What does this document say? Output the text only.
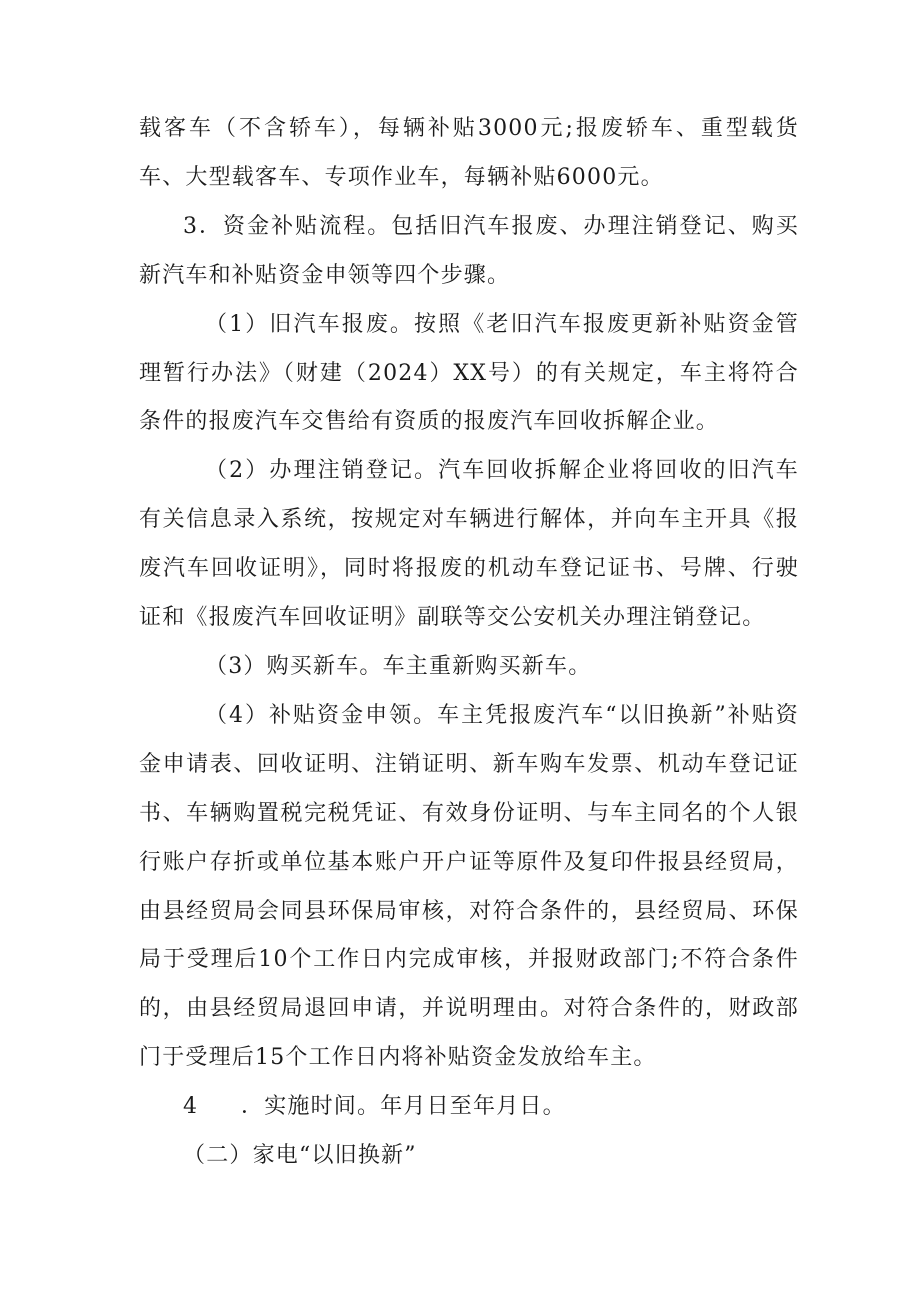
载客车（不含轿车），每辆补贴3000元;报废轿车、重型载货车、大型载客车、专项作业车，每辆补贴6000元。

3．资金补贴流程。包括旧汽车报废、办理注销登记、购买新汽车和补贴资金申领等四个步骤。

（1）旧汽车报废。按照《老旧汽车报废更新补贴资金管理暂行办法》（财建（2024）XX号）的有关规定，车主将符合条件的报废汽车交售给有资质的报废汽车回收拆解企业。

（2）办理注销登记。汽车回收拆解企业将回收的旧汽车有关信息录入系统，按规定对车辆进行解体，并向车主开具《报废汽车回收证明》，同时将报废的机动车登记证书、号牌、行驶证和《报废汽车回收证明》副联等交公安机关办理注销登记。

（3）购买新车。车主重新购买新车。

（4）补贴资金申领。车主凭报废汽车“以旧换新”补贴资金申请表、回收证明、注销证明、新车购车发票、机动车登记证书、车辆购置税完税凭证、有效身份证明、与车主同名的个人银行账户存折或单位基本账户开户证等原件及复印件报县经贸局，由县经贸局会同县环保局审核，对符合条件的，县经贸局、环保局于受理后10个工作日内完成审核，并报财政部门;不符合条件的，由县经贸局退回申请，并说明理由。对符合条件的，财政部门于受理后15个工作日内将补贴资金发放给车主。

4 ．实施时间。年月日至年月日。

（二）家电“以旧换新”
